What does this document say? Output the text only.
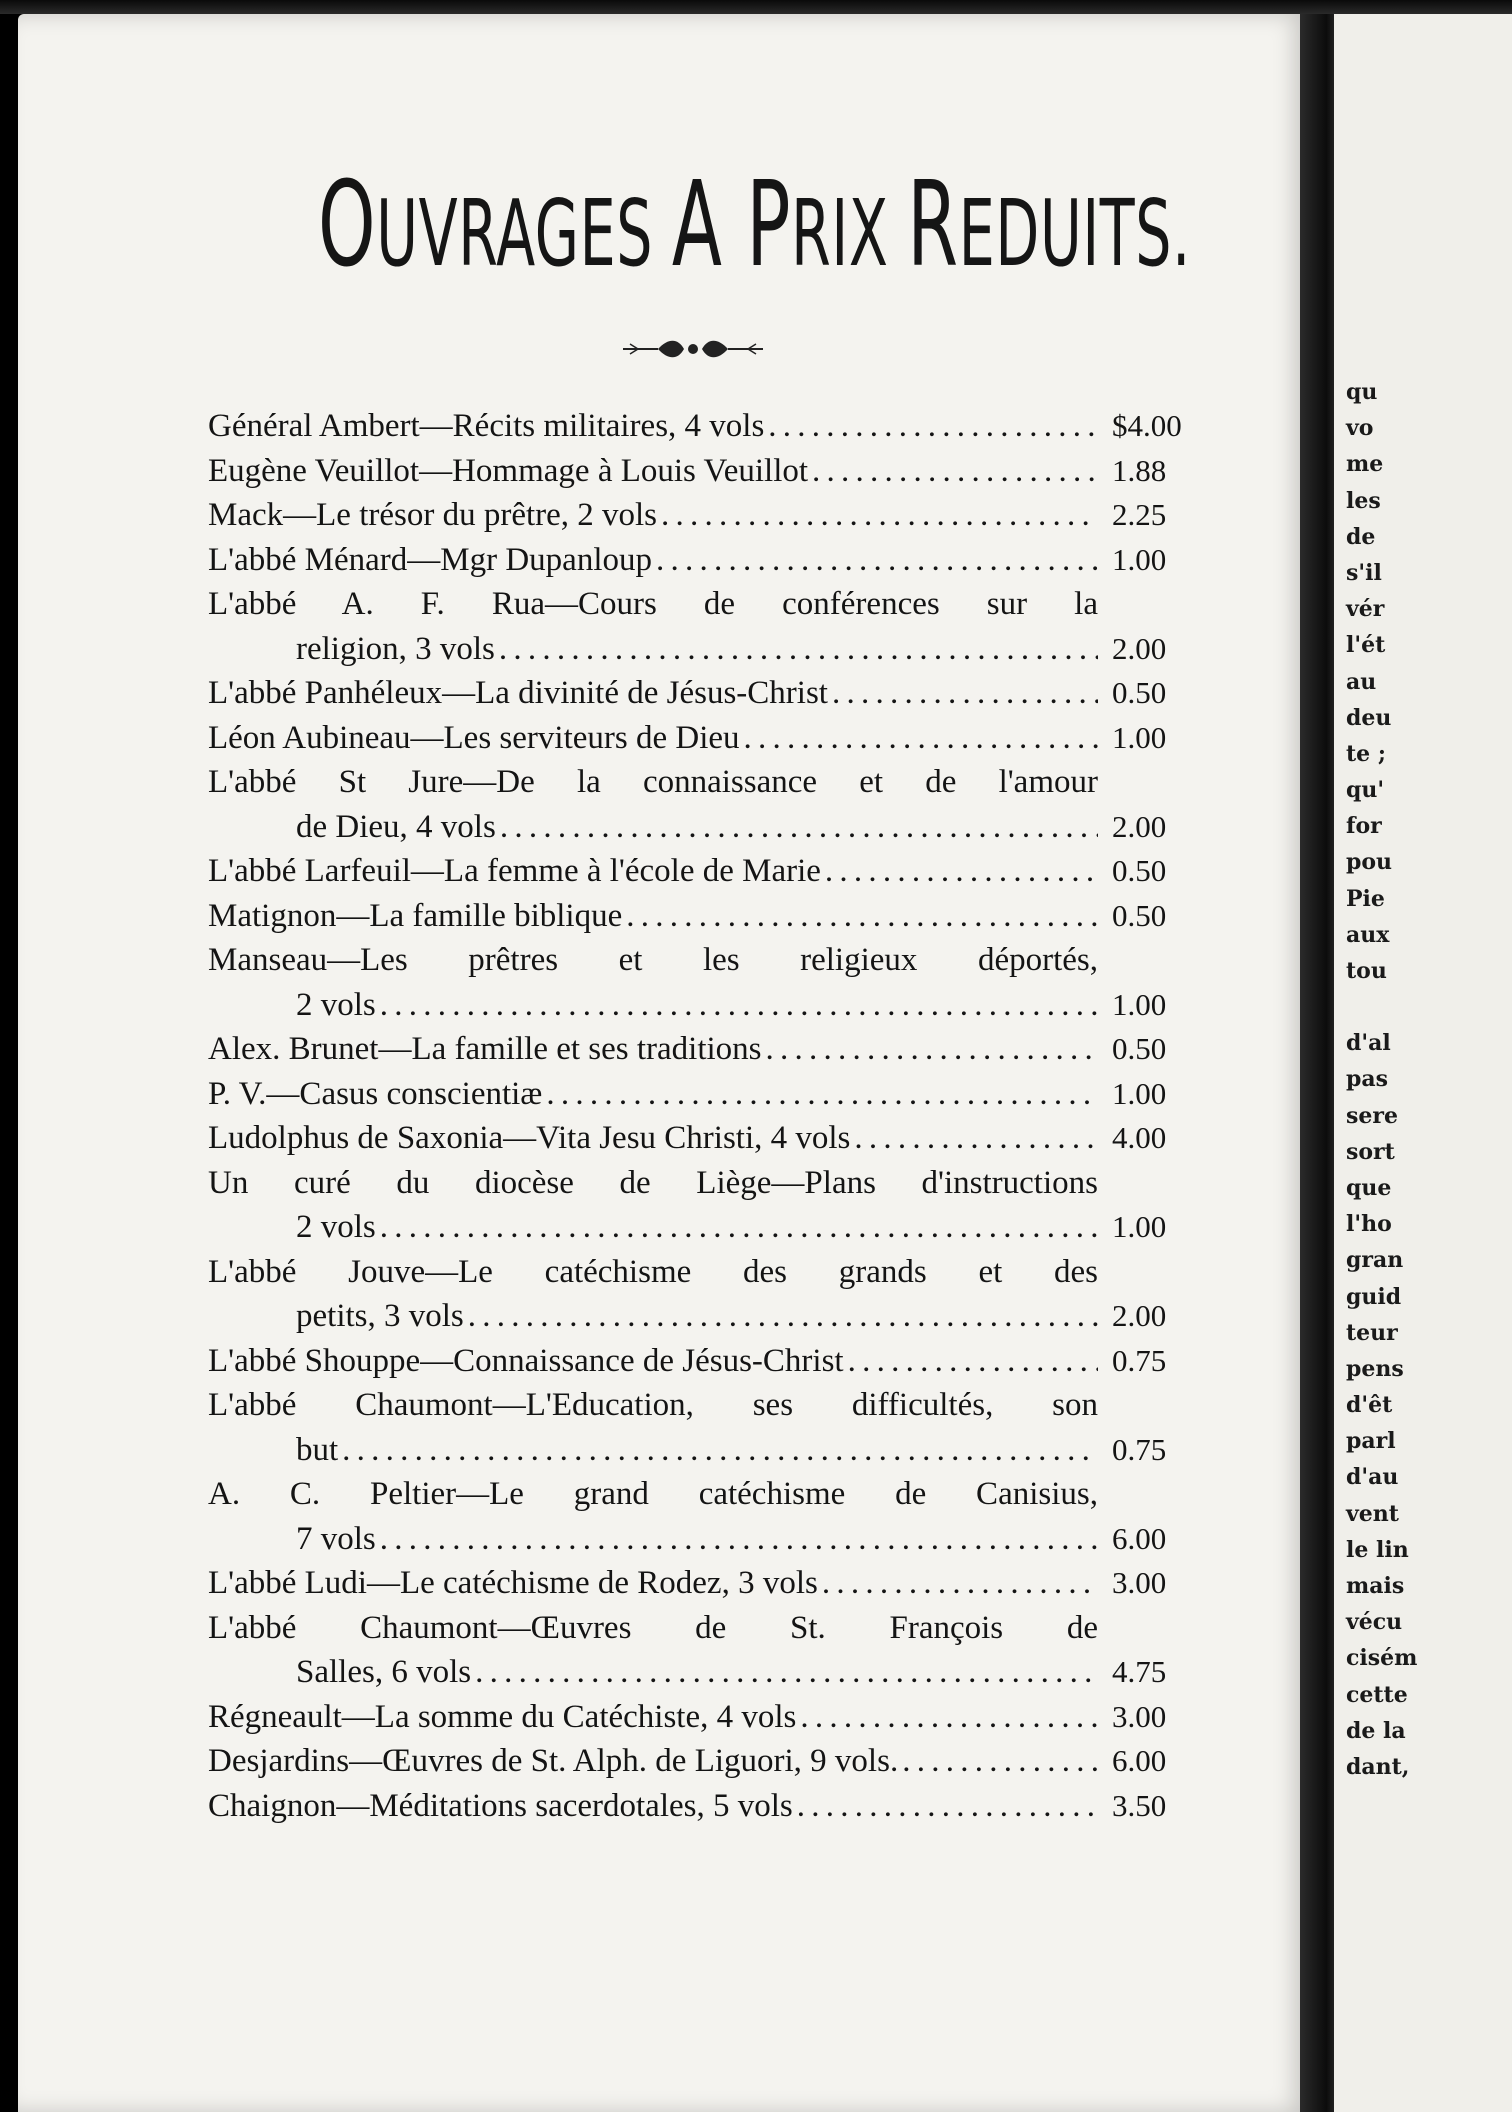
OUVRAGES A PRIX REDUITS.
Général Ambert—Récits militaires, 4 vols . . .	$4.00
Eugène Veuillot—Hommage à Louis Veuillot . . .	1.88
Mack—Le trésor du prêtre, 2 vols . . .	2.25
L'abbé Ménard—Mgr Dupanloup . . .	1.00
L'abbé A. F. Rua—Cours de conférences sur la
religion, 3 vols . . .	2.00
L'abbé Panhéleux—La divinité de Jésus-Christ . . .	0.50
Léon Aubineau—Les serviteurs de Dieu . . .	1.00
L'abbé St Jure—De la connaissance et de l'amour
de Dieu, 4 vols . . .	2.00
L'abbé Larfeuil—La femme à l'école de Marie . . .	0.50
Matignon—La famille biblique . . .	0.50
Manseau—Les prêtres et les religieux déportés,
2 vols . . .	1.00
Alex. Brunet—La famille et ses traditions . . .	0.50
P. V.—Casus conscientiæ . . .	1.00
Ludolphus de Saxonia—Vita Jesu Christi, 4 vols . . .	4.00
Un curé du diocèse de Liège—Plans d'instructions
2 vols . . .	1.00
L'abbé Jouve—Le catéchisme des grands et des
petits, 3 vols . . .	2.00
L'abbé Shouppe—Connaissance de Jésus-Christ . . .	0.75
L'abbé Chaumont—L'Education, ses difficultés, son
but . . .	0.75
A. C. Peltier—Le grand catéchisme de Canisius,
7 vols . . .	6.00
L'abbé Ludi—Le catéchisme de Rodez, 3 vols . . .	3.00
L'abbé Chaumont—Œuvres de St. François de
Salles, 6 vols . . .	4.75
Régneault—La somme du Catéchiste, 4 vols . . .	3.00
Desjardins—Œuvres de St. Alph. de Liguori, 9 vols. . . .	6.00
Chaignon—Méditations sacerdotales, 5 vols . . .	3.50
qu
vo
me
les
de
s'il
vér
l'ét
au
deu
te ;
qu'
for
pou
Pie
aux
tou
d'al
pas
sere
sort
que
l'ho
gran
guid
teur
pens
d'êt
parl
d'au
vent
le lin
mais
vécu
cisém
cette
de la
dant,
